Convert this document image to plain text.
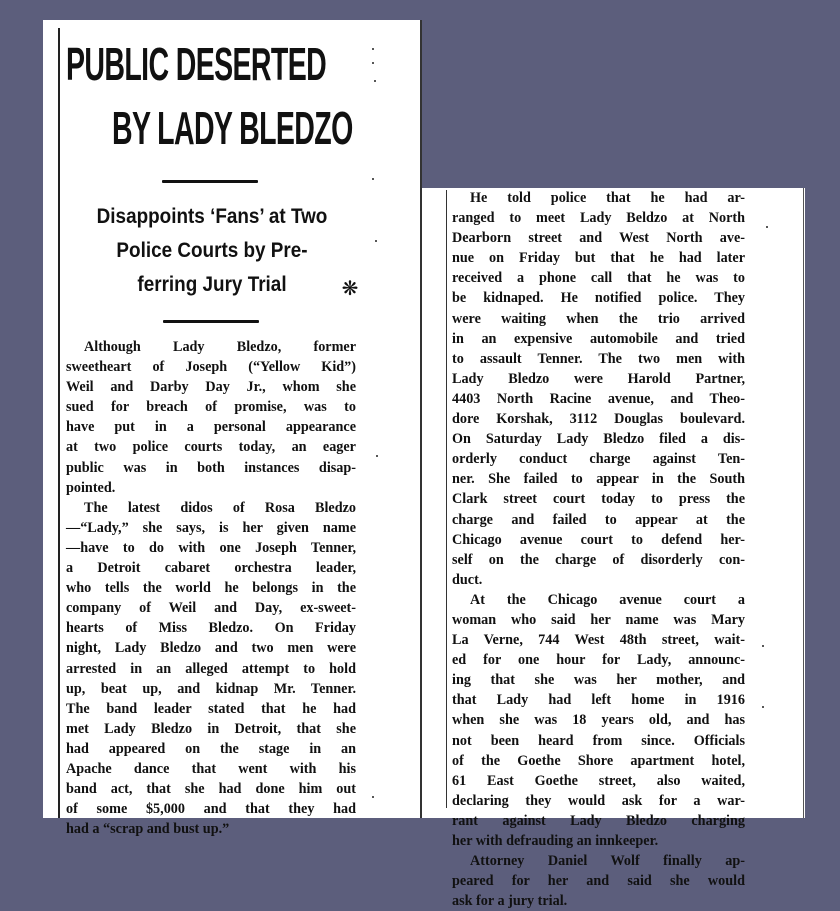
PUBLIC DESERTED
BY LADY BLEDZO
Disappoints ‘Fans’ at Two
Police Courts by Pre-
ferring Jury Trial	❋
Although Lady Bledzo, former
sweetheart of Joseph (“Yellow Kid”)
Weil and Darby Day Jr., whom she
sued for breach of promise, was to
have put in a personal appearance
at two police courts today, an eager
public was in both instances disap-
pointed.
The latest didos of Rosa Bledzo
—“Lady,” she says, is her given name
—have to do with one Joseph Tenner,
a Detroit cabaret orchestra leader,
who tells the world he belongs in the
company of Weil and Day, ex-sweet-
hearts of Miss Bledzo. On Friday
night, Lady Bledzo and two men were
arrested in an alleged attempt to hold
up, beat up, and kidnap Mr. Tenner.
The band leader stated that he had
met Lady Bledzo in Detroit, that she
had appeared on the stage in an
Apache dance that went with his
band act, that she had done him out
of some $5,000 and that they had
had a “scrap and bust up.”
He told police that he had ar-
ranged to meet Lady Beldzo at North
Dearborn street and West North ave-
nue on Friday but that he had later
received a phone call that he was to
be kidnaped. He notified police. They
were waiting when the trio arrived
in an expensive automobile and tried
to assault Tenner. The two men with
Lady Bledzo were Harold Partner,
4403 North Racine avenue, and Theo-
dore Korshak, 3112 Douglas boulevard.
On Saturday Lady Bledzo filed a dis-
orderly conduct charge against Ten-
ner. She failed to appear in the South
Clark street court today to press the
charge and failed to appear at the
Chicago avenue court to defend her-
self on the charge of disorderly con-
duct.
At the Chicago avenue court a
woman who said her name was Mary
La Verne, 744 West 48th street, wait-
ed for one hour for Lady, announc-
ing that she was her mother, and
that Lady had left home in 1916
when she was 18 years old, and has
not been heard from since. Officials
of the Goethe Shore apartment hotel,
61 East Goethe street, also waited,
declaring they would ask for a war-
rant against Lady Bledzo charging
her with defrauding an innkeeper.
Attorney Daniel Wolf finally ap-
peared for her and said she would
ask for a jury trial.
